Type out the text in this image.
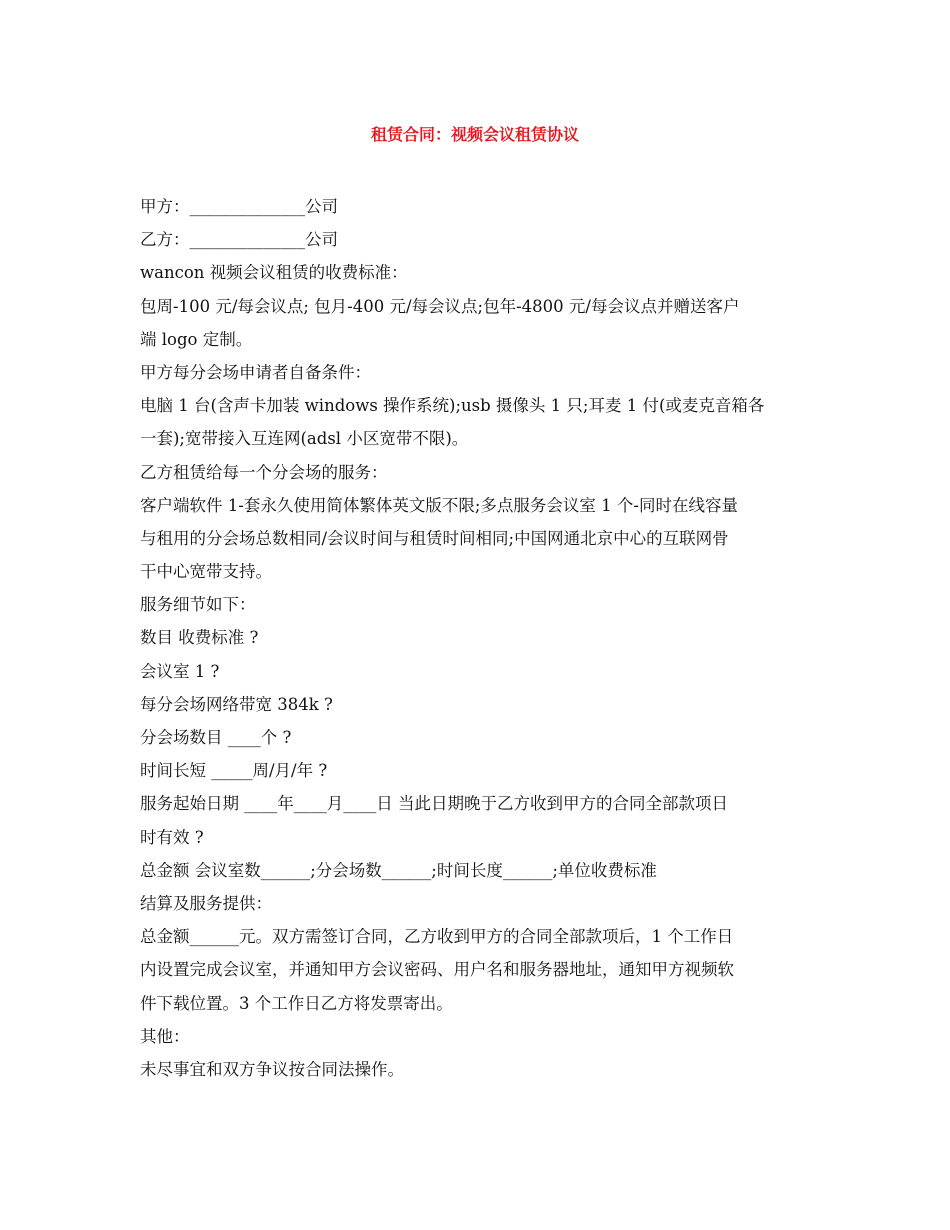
租赁合同：视频会议租赁协议
甲方：______________公司
乙方：______________公司
wancon 视频会议租赁的收费标准：
包周-100 元/每会议点; 包月-400 元/每会议点;包年-4800 元/每会议点并赠送客户
端 logo 定制。
甲方每分会场申请者自备条件：
电脑 1 台(含声卡加装 windows 操作系统);usb 摄像头 1 只;耳麦 1 付(或麦克音箱各
一套);宽带接入互连网(adsl 小区宽带不限)。
乙方租赁给每一个分会场的服务：
客户端软件 1-套永久使用简体繁体英文版不限;多点服务会议室 1 个-同时在线容量
与租用的分会场总数相同/会议时间与租赁时间相同;中国网通北京中心的互联网骨
干中心宽带支持。
服务细节如下：
数目 收费标准 ?
会议室 1 ?
每分会场网络带宽 384k ?
分会场数目 ____个 ?
时间长短 _____周/月/年 ?
服务起始日期 ____年____月____日 当此日期晚于乙方收到甲方的合同全部款项日
时有效 ?
总金额 会议室数______;分会场数______;时间长度______;单位收费标准
结算及服务提供：
总金额______元。双方需签订合同，乙方收到甲方的合同全部款项后，1 个工作日
内设置完成会议室，并通知甲方会议密码、用户名和服务器地址，通知甲方视频软
件下载位置。3 个工作日乙方将发票寄出。
其他：
未尽事宜和双方争议按合同法操作。
